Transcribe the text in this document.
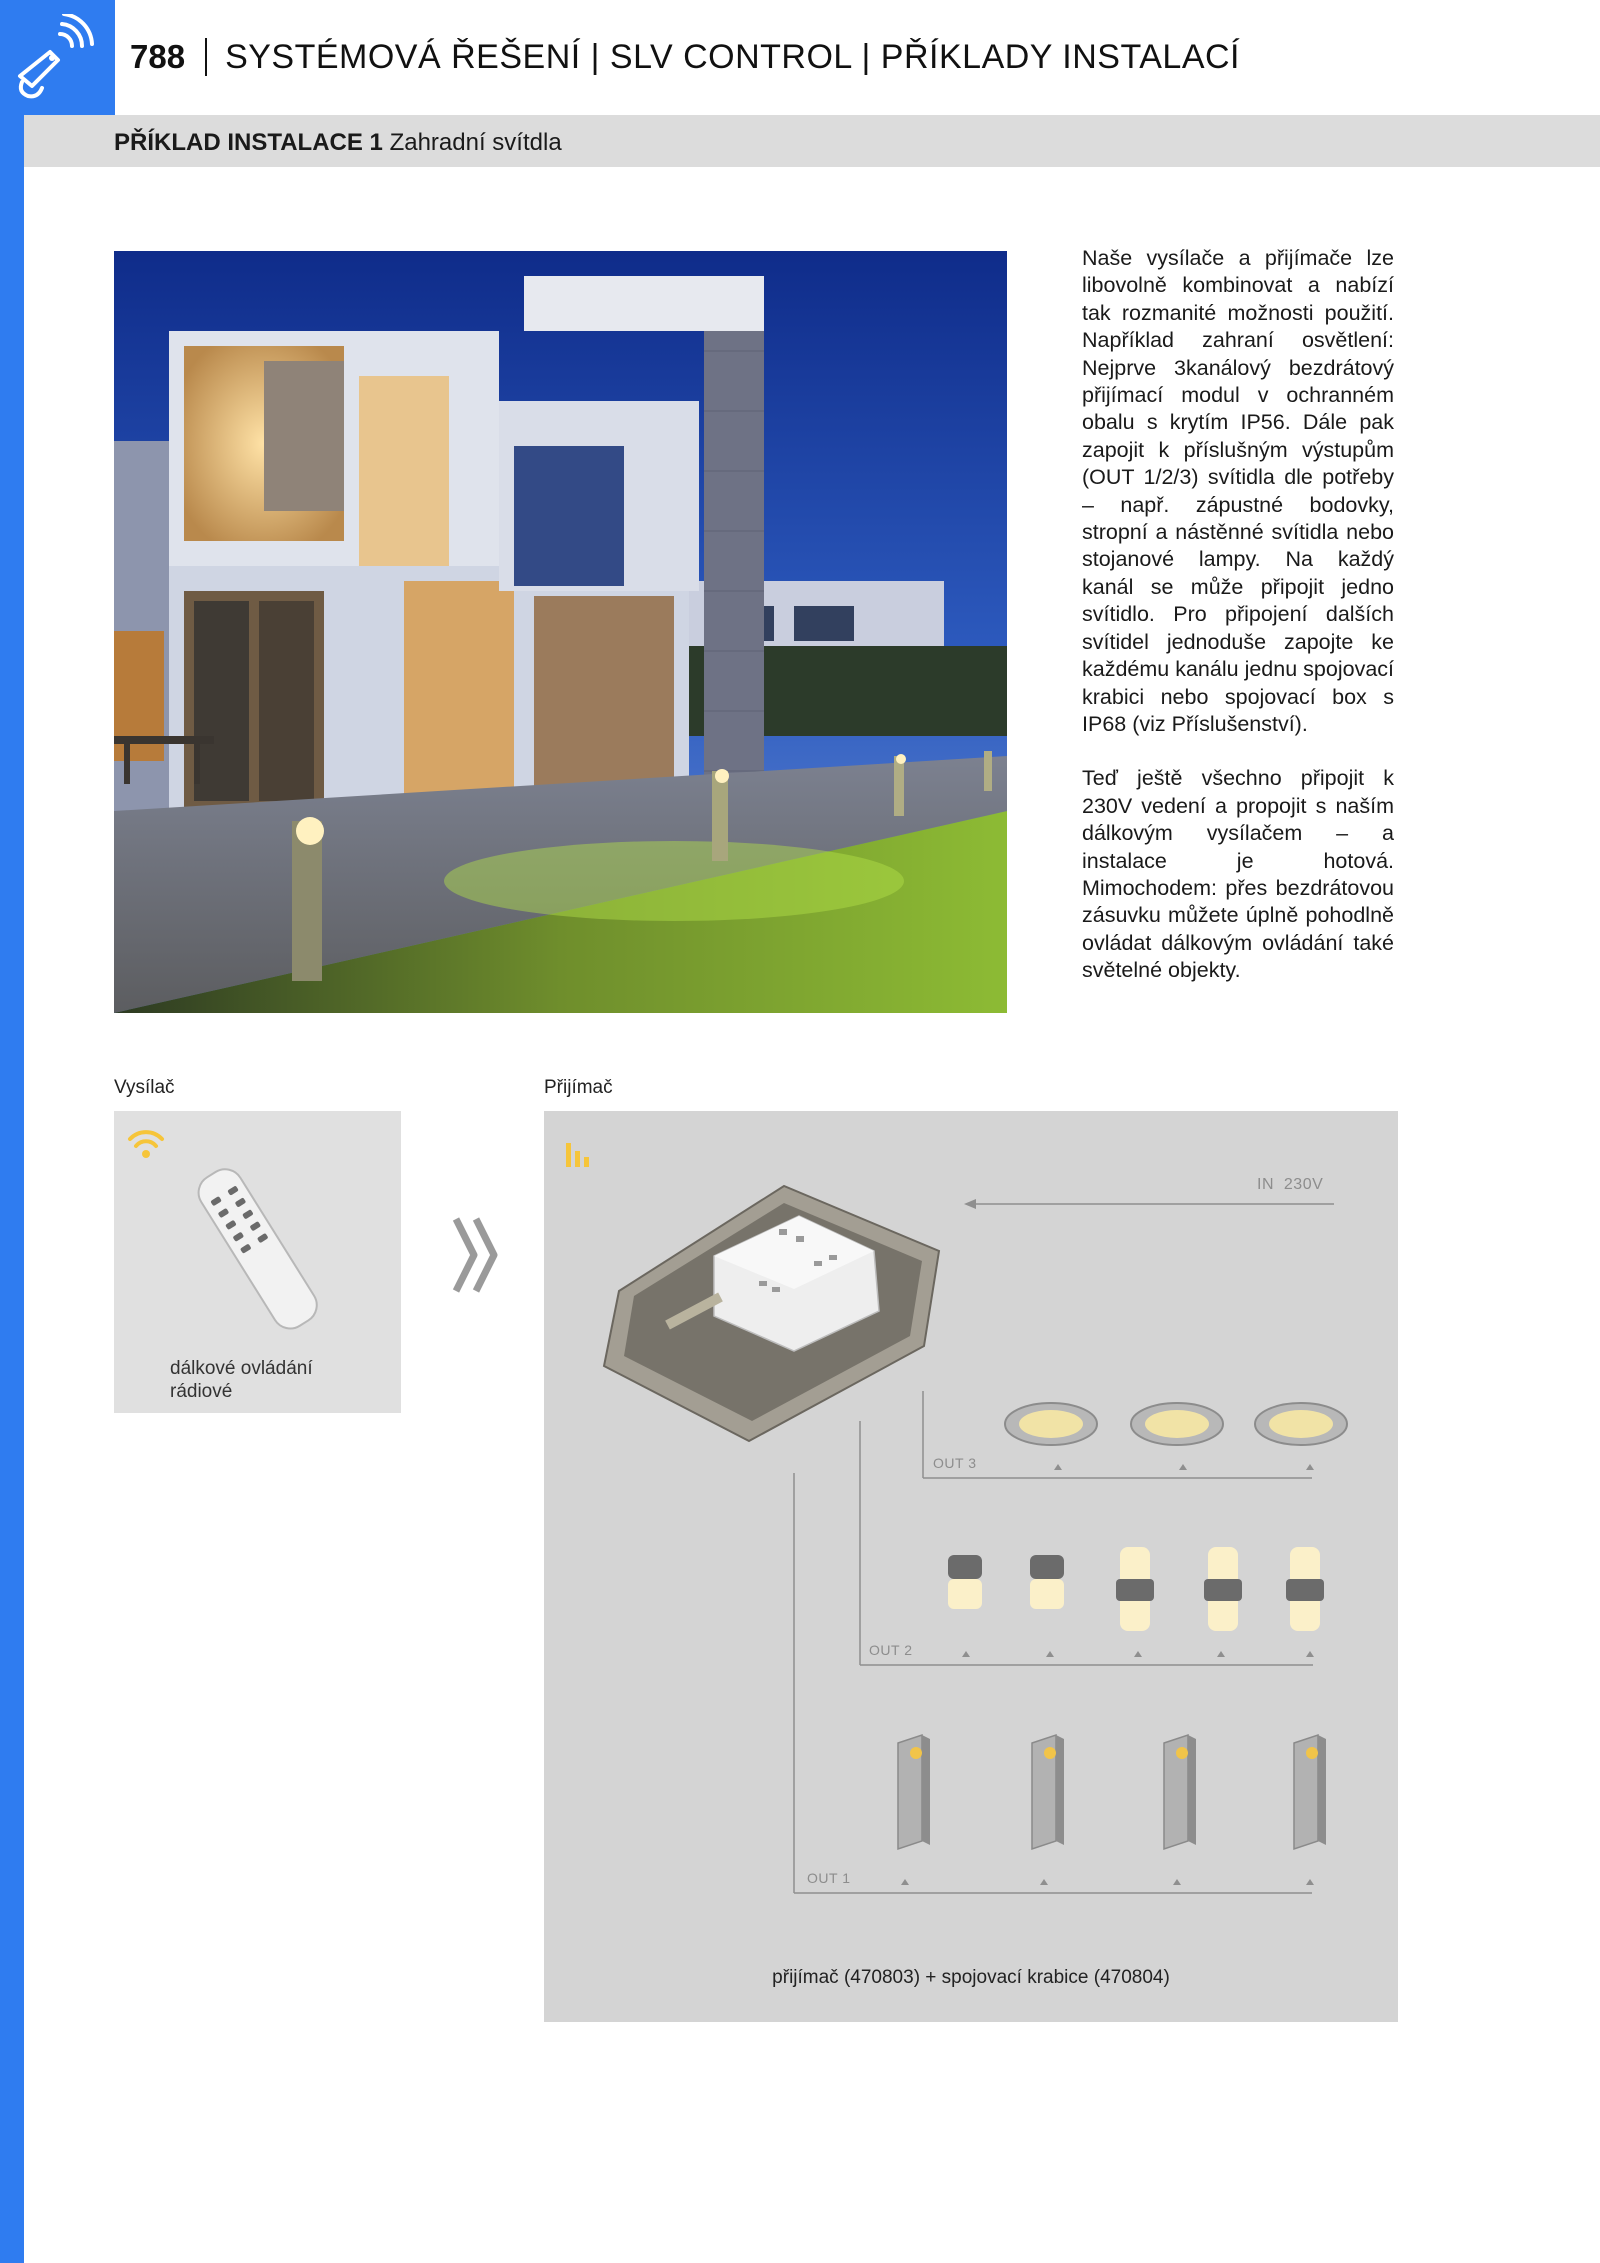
788 SYSTÉMOVÁ ŘEŠENÍ | SLV CONTROL | PŘÍKLADY INSTALACÍ
PŘÍKLAD INSTALACE 1 Zahradní svítdla

Naše vysílače a přijímače lze libovolně kombinovat a nabízí tak rozmanité možnosti použití. Například zahraní osvětlení: Nejprve 3kanálový bezdrátový přijímací modul v ochranném obalu s krytím IP56. Dále pak zapojit k příslušným výstupům (OUT 1/2/3) svítidla dle potřeby – např. zápustné bodovky, stropní a nástěnné svítidla nebo stojanové lampy. Na každý kanál se může připojit jedno svítidlo. Pro připojení dalších svítidel jednoduše zapojte ke každému kanálu jednu spojovací krabici nebo spojovací box s IP68 (viz Příslušenství).

Teď ještě všechno připojit k 230V vedení a propojit s naším dálkovým vysílačem – a instalace je hotová. Mimochodem: přes bezdrátovou zásuvku můžete úplně pohodlně ovládat dálkovým ovládání také světelné objekty.

Vysílač	Přijímač
dálkové ovládání rádiové
IN 230V
OUT 3
OUT 2
OUT 1
přijímač (470803) + spojovací krabice (470804)
